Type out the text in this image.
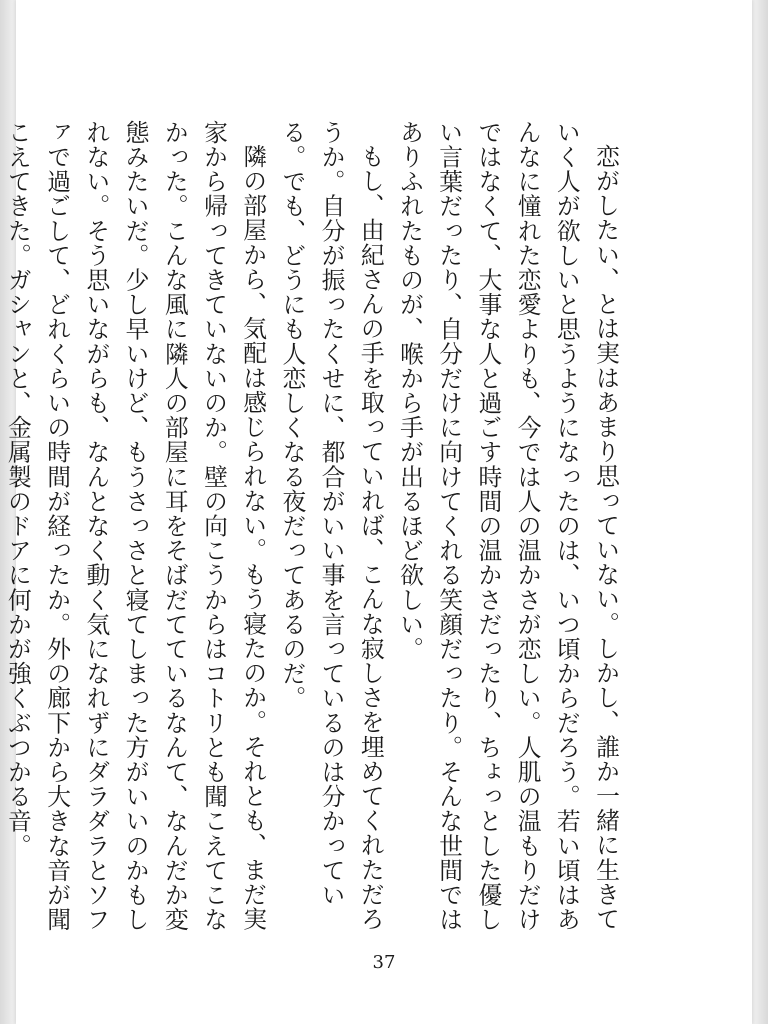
恋がしたい、とは実はあまり思っていない。しかし、誰か一緒に生きていく人が欲しいと思うようになったのは、いつ頃からだろう。若い頃はあんなに憧れた恋愛よりも、今では人の温かさが恋しい。人肌の温もりだけではなくて、大事な人と過ごす時間の温かさだったり、ちょっとした優しい言葉だったり、自分だけに向けてくれる笑顔だったり。そんな世間ではありふれたものが、喉から手が出るほど欲しい。

もし、由紀さんの手を取っていれば、こんな寂しさを埋めてくれただろうか。自分が振ったくせに、都合がいい事を言っているのは分かっている。でも、どうにも人恋しくなる夜だってあるのだ。

隣の部屋から、気配は感じられない。もう寝たのか。それとも、まだ実家から帰ってきていないのか。壁の向こうからはコトリとも聞こえてこなかった。こんな風に隣人の部屋に耳をそばだてているなんて、なんだか変態みたいだ。少し早いけど、もうさっさと寝てしまった方がいいのかもしれない。そう思いながらも、なんとなく動く気になれずにダラダラとソファで過ごして、どれくらいの時間が経ったか。外の廊下から大きな音が聞こえてきた。ガシャンと、金属製のドアに何かが強くぶつかる音。

37
